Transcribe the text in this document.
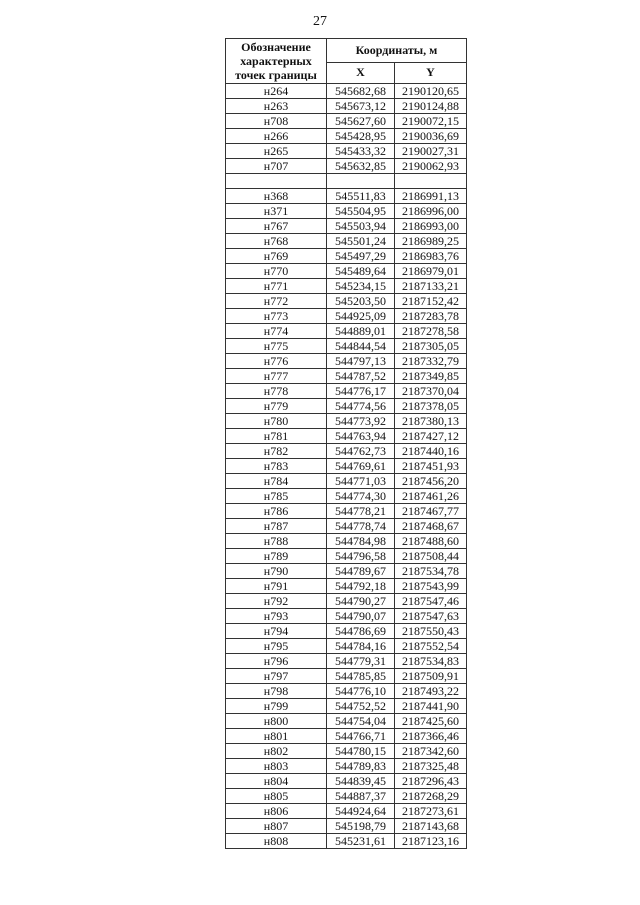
27
Обозначение характерных точек границы	Координаты, м	
	X	Y
н264	545682,68	2190120,65
н263	545673,12	2190124,88
н708	545627,60	2190072,15
н266	545428,95	2190036,69
н265	545433,32	2190027,31
н707	545632,85	2190062,93

н368	545511,83	2186991,13
н371	545504,95	2186996,00
н767	545503,94	2186993,00
н768	545501,24	2186989,25
н769	545497,29	2186983,76
н770	545489,64	2186979,01
н771	545234,15	2187133,21
н772	545203,50	2187152,42
н773	544925,09	2187283,78
н774	544889,01	2187278,58
н775	544844,54	2187305,05
н776	544797,13	2187332,79
н777	544787,52	2187349,85
н778	544776,17	2187370,04
н779	544774,56	2187378,05
н780	544773,92	2187380,13
н781	544763,94	2187427,12
н782	544762,73	2187440,16
н783	544769,61	2187451,93
н784	544771,03	2187456,20
н785	544774,30	2187461,26
н786	544778,21	2187467,77
н787	544778,74	2187468,67
н788	544784,98	2187488,60
н789	544796,58	2187508,44
н790	544789,67	2187534,78
н791	544792,18	2187543,99
н792	544790,27	2187547,46
н793	544790,07	2187547,63
н794	544786,69	2187550,43
н795	544784,16	2187552,54
н796	544779,31	2187534,83
н797	544785,85	2187509,91
н798	544776,10	2187493,22
н799	544752,52	2187441,90
н800	544754,04	2187425,60
н801	544766,71	2187366,46
н802	544780,15	2187342,60
н803	544789,83	2187325,48
н804	544839,45	2187296,43
н805	544887,37	2187268,29
н806	544924,64	2187273,61
н807	545198,79	2187143,68
н808	545231,61	2187123,16
